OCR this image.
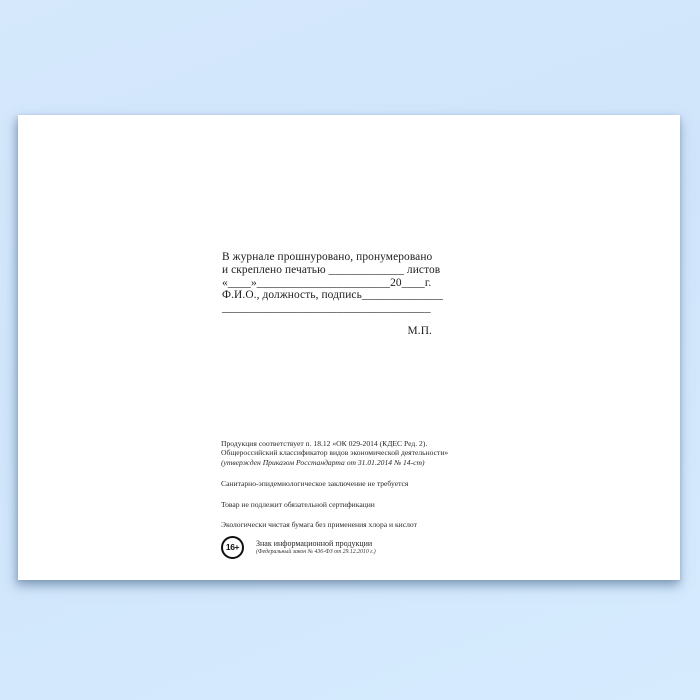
В журнале прошнуровано, пронумеровано
и скреплено печатью _____________ листов
«____»_______________________20____г.
Ф.И.О., должность, подпись______________
____________________________________
М.П.
Продукция соответствует п. 18.12 «ОК 029-2014 (КДЕС Ред. 2).
Общероссийский классификатор видов экономической деятельности»
(утвержден Приказом Росстандарта от 31.01.2014 № 14-ст)
Санитарно-эпидемиологическое заключение не требуется
Товар не подлежит обязательной сертификации
Экологически чистая бумага без применения хлора и кислот
16+	Знак информационной продукции
(Федеральный закон № 436-ФЗ от 29.12.2010 г.)
